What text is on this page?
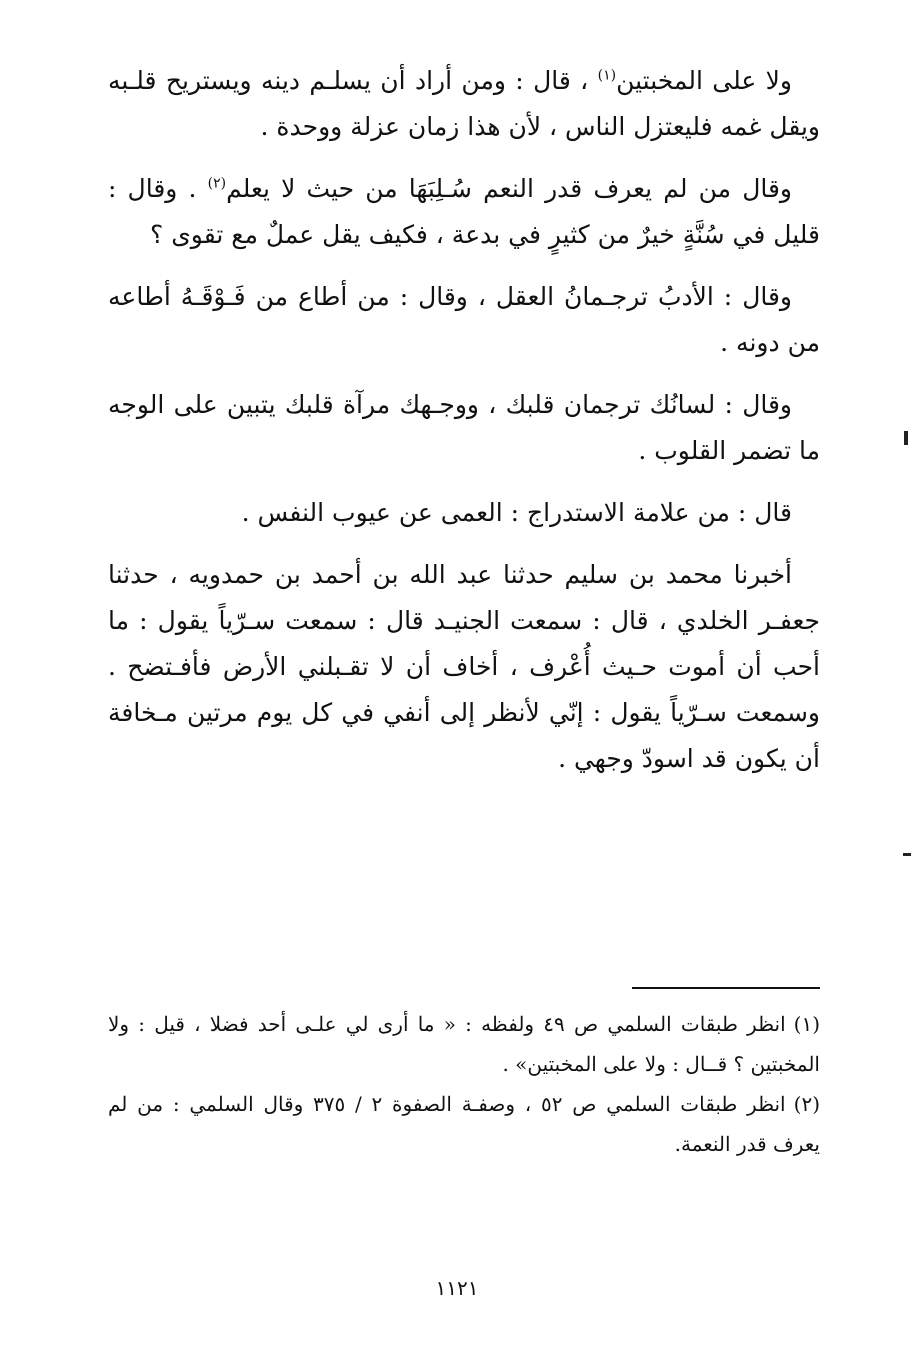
ولا على المخبتين$^{(١)}$ ، قال : ومن أراد أن يسلـم دينه ويستريح قلـبه ويقل غمه فليعتزل الناس ، لأن هذا زمان عزلة ووحدة .

وقال من لم يعرف قدر النعم سُـلِبَهَا من حيث لا يعلم$^{(٢)}$ . وقال : قليل في سُنَّةٍ خيرٌ من كثيرٍ في بدعة ، فكيف يقل عملٌ مع تقوى ؟

وقال : الأدبُ ترجـمانُ العقل ، وقال : من أطاع من فَـوْقَـهُ أطاعه من دونه .

وقال : لسانُك ترجمان قلبك ، ووجـهك مرآة قلبك يتبين على الوجه ما تضمر القلوب .

قال : من علامة الاستدراج : العمى عن عيوب النفس .

أخبرنا محمد بن سليم حدثنا عبد الله بن أحمد بن حمدويه ، حدثنا جعفـر الخلدي ، قال : سمعت الجنيـد قال : سمعت سـرّياً يقول : ما أحب أن أموت حـيث أُعْرف ، أخاف أن لا تقـبلني الأرض فأفـتضح . وسمعت سـرّياً يقول : إنّي لأنظر إلى أنفي في كل يوم مرتين مـخافة أن يكون قد اسودّ وجهي .

(١)انظر طبقات السلمي ص ٤٩ ولفظه : « ما أرى لي علـى أحد فضلا ، قيل : ولا المخبتين ؟ قــال : ولا على المخبتين» .

(٢)انظر طبقات السلمي ص ٥٢ ، وصفـة الصفوة ٢ / ٣٧٥ وقال السلمي : من لم يعرف قدر النعمة.

١١٢١
